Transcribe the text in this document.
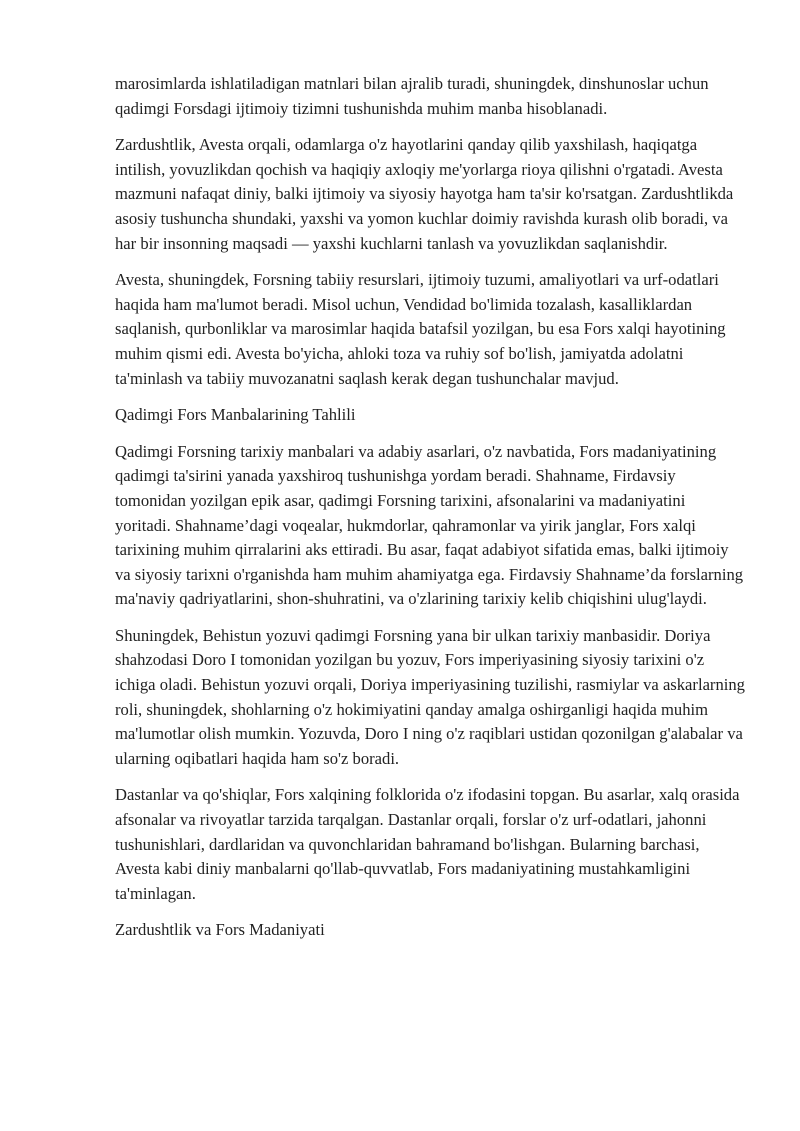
marosimlarda ishlatiladigan matnlari bilan ajralib turadi, shuningdek, dinshunoslar uchun qadimgi Forsdagi ijtimoiy tizimni tushunishda muhim manba hisoblanadi.

Zardushtlik, Avesta orqali, odamlarga o'z hayotlarini qanday qilib yaxshilash, haqiqatga intilish, yovuzlikdan qochish va haqiqiy axloqiy me'yorlarga rioya qilishni o'rgatadi. Avesta mazmuni nafaqat diniy, balki ijtimoiy va siyosiy hayotga ham ta'sir ko'rsatgan. Zardushtlikda asosiy tushuncha shundaki, yaxshi va yomon kuchlar doimiy ravishda kurash olib boradi, va har bir insonning maqsadi — yaxshi kuchlarni tanlash va yovuzlikdan saqlanishdir.

Avesta, shuningdek, Forsning tabiiy resurslari, ijtimoiy tuzumi, amaliyotlari va urf-odatlari haqida ham ma'lumot beradi. Misol uchun, Vendidad bo'limida tozalash, kasalliklardan saqlanish, qurbonliklar va marosimlar haqida batafsil yozilgan, bu esa Fors xalqi hayotining muhim qismi edi. Avesta bo'yicha, ahloki toza va ruhiy sof bo'lish, jamiyatda adolatni ta'minlash va tabiiy muvozanatni saqlash kerak degan tushunchalar mavjud.

Qadimgi Fors Manbalarining Tahlili

Qadimgi Forsning tarixiy manbalari va adabiy asarlari, o'z navbatida, Fors madaniyatining qadimgi ta'sirini yanada yaxshiroq tushunishga yordam beradi. Shahname, Firdavsiy tomonidan yozilgan epik asar, qadimgi Forsning tarixini, afsonalarini va madaniyatini yoritadi. Shahname’dagi voqealar, hukmdorlar, qahramonlar va yirik janglar, Fors xalqi tarixining muhim qirralarini aks ettiradi. Bu asar, faqat adabiyot sifatida emas, balki ijtimoiy va siyosiy tarixni o'rganishda ham muhim ahamiyatga ega. Firdavsiy Shahname’da forslarning ma'naviy qadriyatlarini, shon-shuhratini, va o'zlarining tarixiy kelib chiqishini ulug'laydi.

Shuningdek, Behistun yozuvi qadimgi Forsning yana bir ulkan tarixiy manbasidir. Doriya shahzodasi Doro I tomonidan yozilgan bu yozuv, Fors imperiyasining siyosiy tarixini o'z ichiga oladi. Behistun yozuvi orqali, Doriya imperiyasining tuzilishi, rasmiylar va askarlarning roli, shuningdek, shohlarning o'z hokimiyatini qanday amalga oshirganligi haqida muhim ma'lumotlar olish mumkin. Yozuvda, Doro I ning o'z raqiblari ustidan qozonilgan g'alabalar va ularning oqibatlari haqida ham so'z boradi.

Dastanlar va qo'shiqlar, Fors xalqining folklorida o'z ifodasini topgan. Bu asarlar, xalq orasida afsonalar va rivoyatlar tarzida tarqalgan. Dastanlar orqali, forslar o'z urf-odatlari, jahonni tushunishlari, dardlaridan va quvonchlaridan bahramand bo'lishgan. Bularning barchasi, Avesta kabi diniy manbalarni qo'llab-quvvatlab, Fors madaniyatining mustahkamligini ta'minlagan.

Zardushtlik va Fors Madaniyati
